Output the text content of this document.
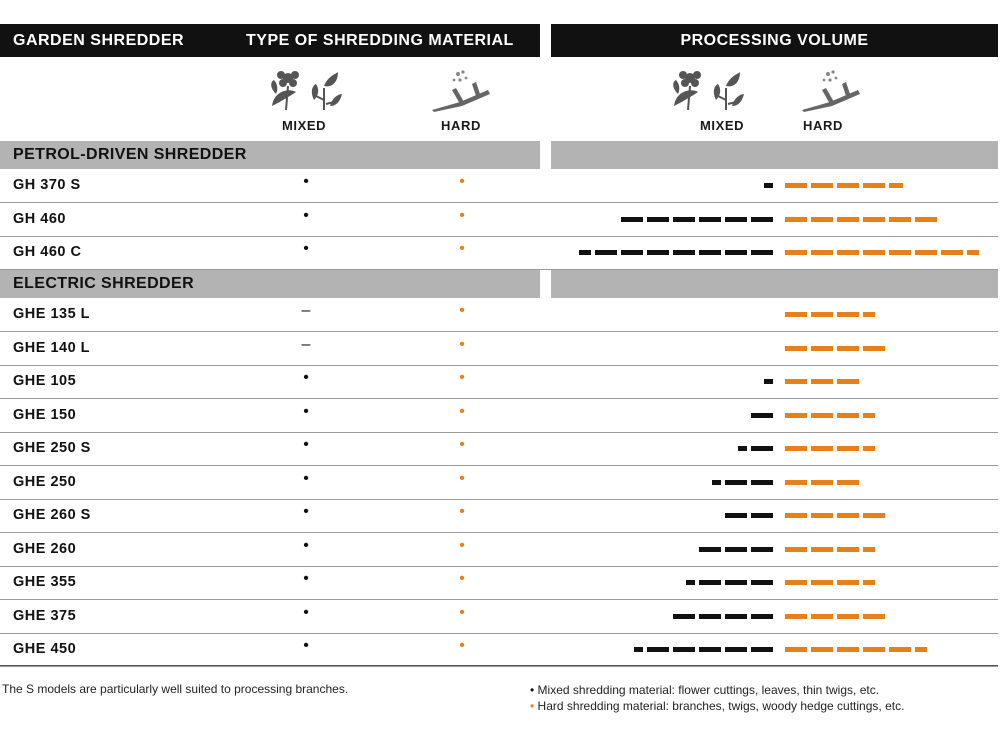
GARDEN SHREDDER	TYPE OF SHREDDING MATERIAL	PROCESSING VOLUME
MIXED	HARD	MIXED	HARD
PETROL-DRIVEN SHREDDER
GH 370 S	•	•
GH 460	•	•
GH 460 C	•	•
ELECTRIC SHREDDER
GHE 135 L	–	•
GHE 140 L	–	•
GHE 105	•	•
GHE 150	•	•
GHE 250 S	•	•
GHE 250	•	•
GHE 260 S	•	•
GHE 260	•	•
GHE 355	•	•
GHE 375	•	•
GHE 450	•	•
The S models are particularly well suited to processing branches.	• Mixed shredding material: flower cuttings, leaves, thin twigs, etc.
• Hard shredding material: branches, twigs, woody hedge cuttings, etc.
